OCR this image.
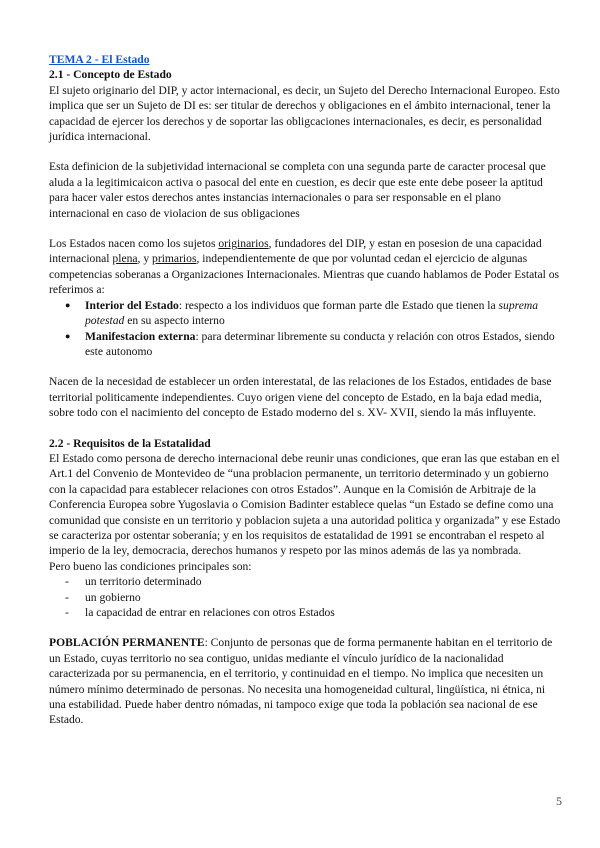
TEMA 2 - El Estado

2.1 - Concepto de Estado

El sujeto originario del DIP, y actor internacional, es decir, un Sujeto del Derecho Internacional Europeo. Esto implica que ser un Sujeto de DI es: ser titular de derechos y obligaciones en el ámbito internacional, tener la capacidad de ejercer los derechos y de soportar las obligcaciones internacionales, es decir, es personalidad jurídica internacional.

Esta definicion de la subjetividad internacional se completa con una segunda parte de caracter procesal que aluda a la legitimicaicon activa o pasocal del ente en cuestion, es decir que este ente debe poseer la aptitud para hacer valer estos derechos antes instancias internacionales o para ser responsable en el plano internacional en caso de violacion de sus obligaciones

Los Estados nacen como los sujetos originarios, fundadores del DIP, y estan en posesion de una capacidad internacional plena, y primarios, independientemente de que por voluntad cedan el ejercicio de algunas competencias soberanas a Organizaciones Internacionales. Mientras que cuando hablamos de Poder Estatal os referimos a:

● Interior del Estado: respecto a los individuos que forman parte dle Estado que tienen la suprema potestad en su aspecto interno
● Manifestacion externa: para determinar libremente su conducta y relación con otros Estados, siendo este autonomo

Nacen de la necesidad de establecer un orden interestatal, de las relaciones de los Estados, entidades de base territorial politicamente independientes. Cuyo origen viene del concepto de Estado, en la baja edad media, sobre todo con el nacimiento del concepto de Estado moderno del s. XV- XVII, siendo la más influyente.

2.2 - Requisitos de la Estatalidad

El Estado como persona de derecho internacional debe reunir unas condiciones, que eran las que estaban en el Art.1 del Convenio de Montevideo de “una problacion permanente, un territorio determinado y un gobierno con la capacidad para establecer relaciones con otros Estados”. Aunque en la Comisión de Arbitraje de la Conferencia Europea sobre Yugoslavia o Comision Badinter establece quelas “un Estado se define como una comunidad que consiste en un territorio y poblacion sujeta a una autoridad politica y organizada” y ese Estado se caracteriza por ostentar soberanía; y en los requisitos de estatalidad de 1991 se encontraban el respeto al imperio de la ley, democracia, derechos humanos y respeto por las minos además de las ya nombrada.

Pero bueno las condiciones principales son:

- un territorio determinado
- un gobierno
- la capacidad de entrar en relaciones con otros Estados

POBLACIÓN PERMANENTE: Conjunto de personas que de forma permanente habitan en el territorio de un Estado, cuyas territorio no sea contiguo, unidas mediante el vínculo jurídico de la nacionalidad caracterizada por su permanencia, en el territorio, y continuidad en el tiempo. No implica que necesiten un número mínimo determinado de personas. No necesita una homogeneidad cultural, lingüística, ni étnica, ni una estabilidad. Puede haber dentro nómadas, ni tampoco exige que toda la población sea nacional de ese Estado.

5
